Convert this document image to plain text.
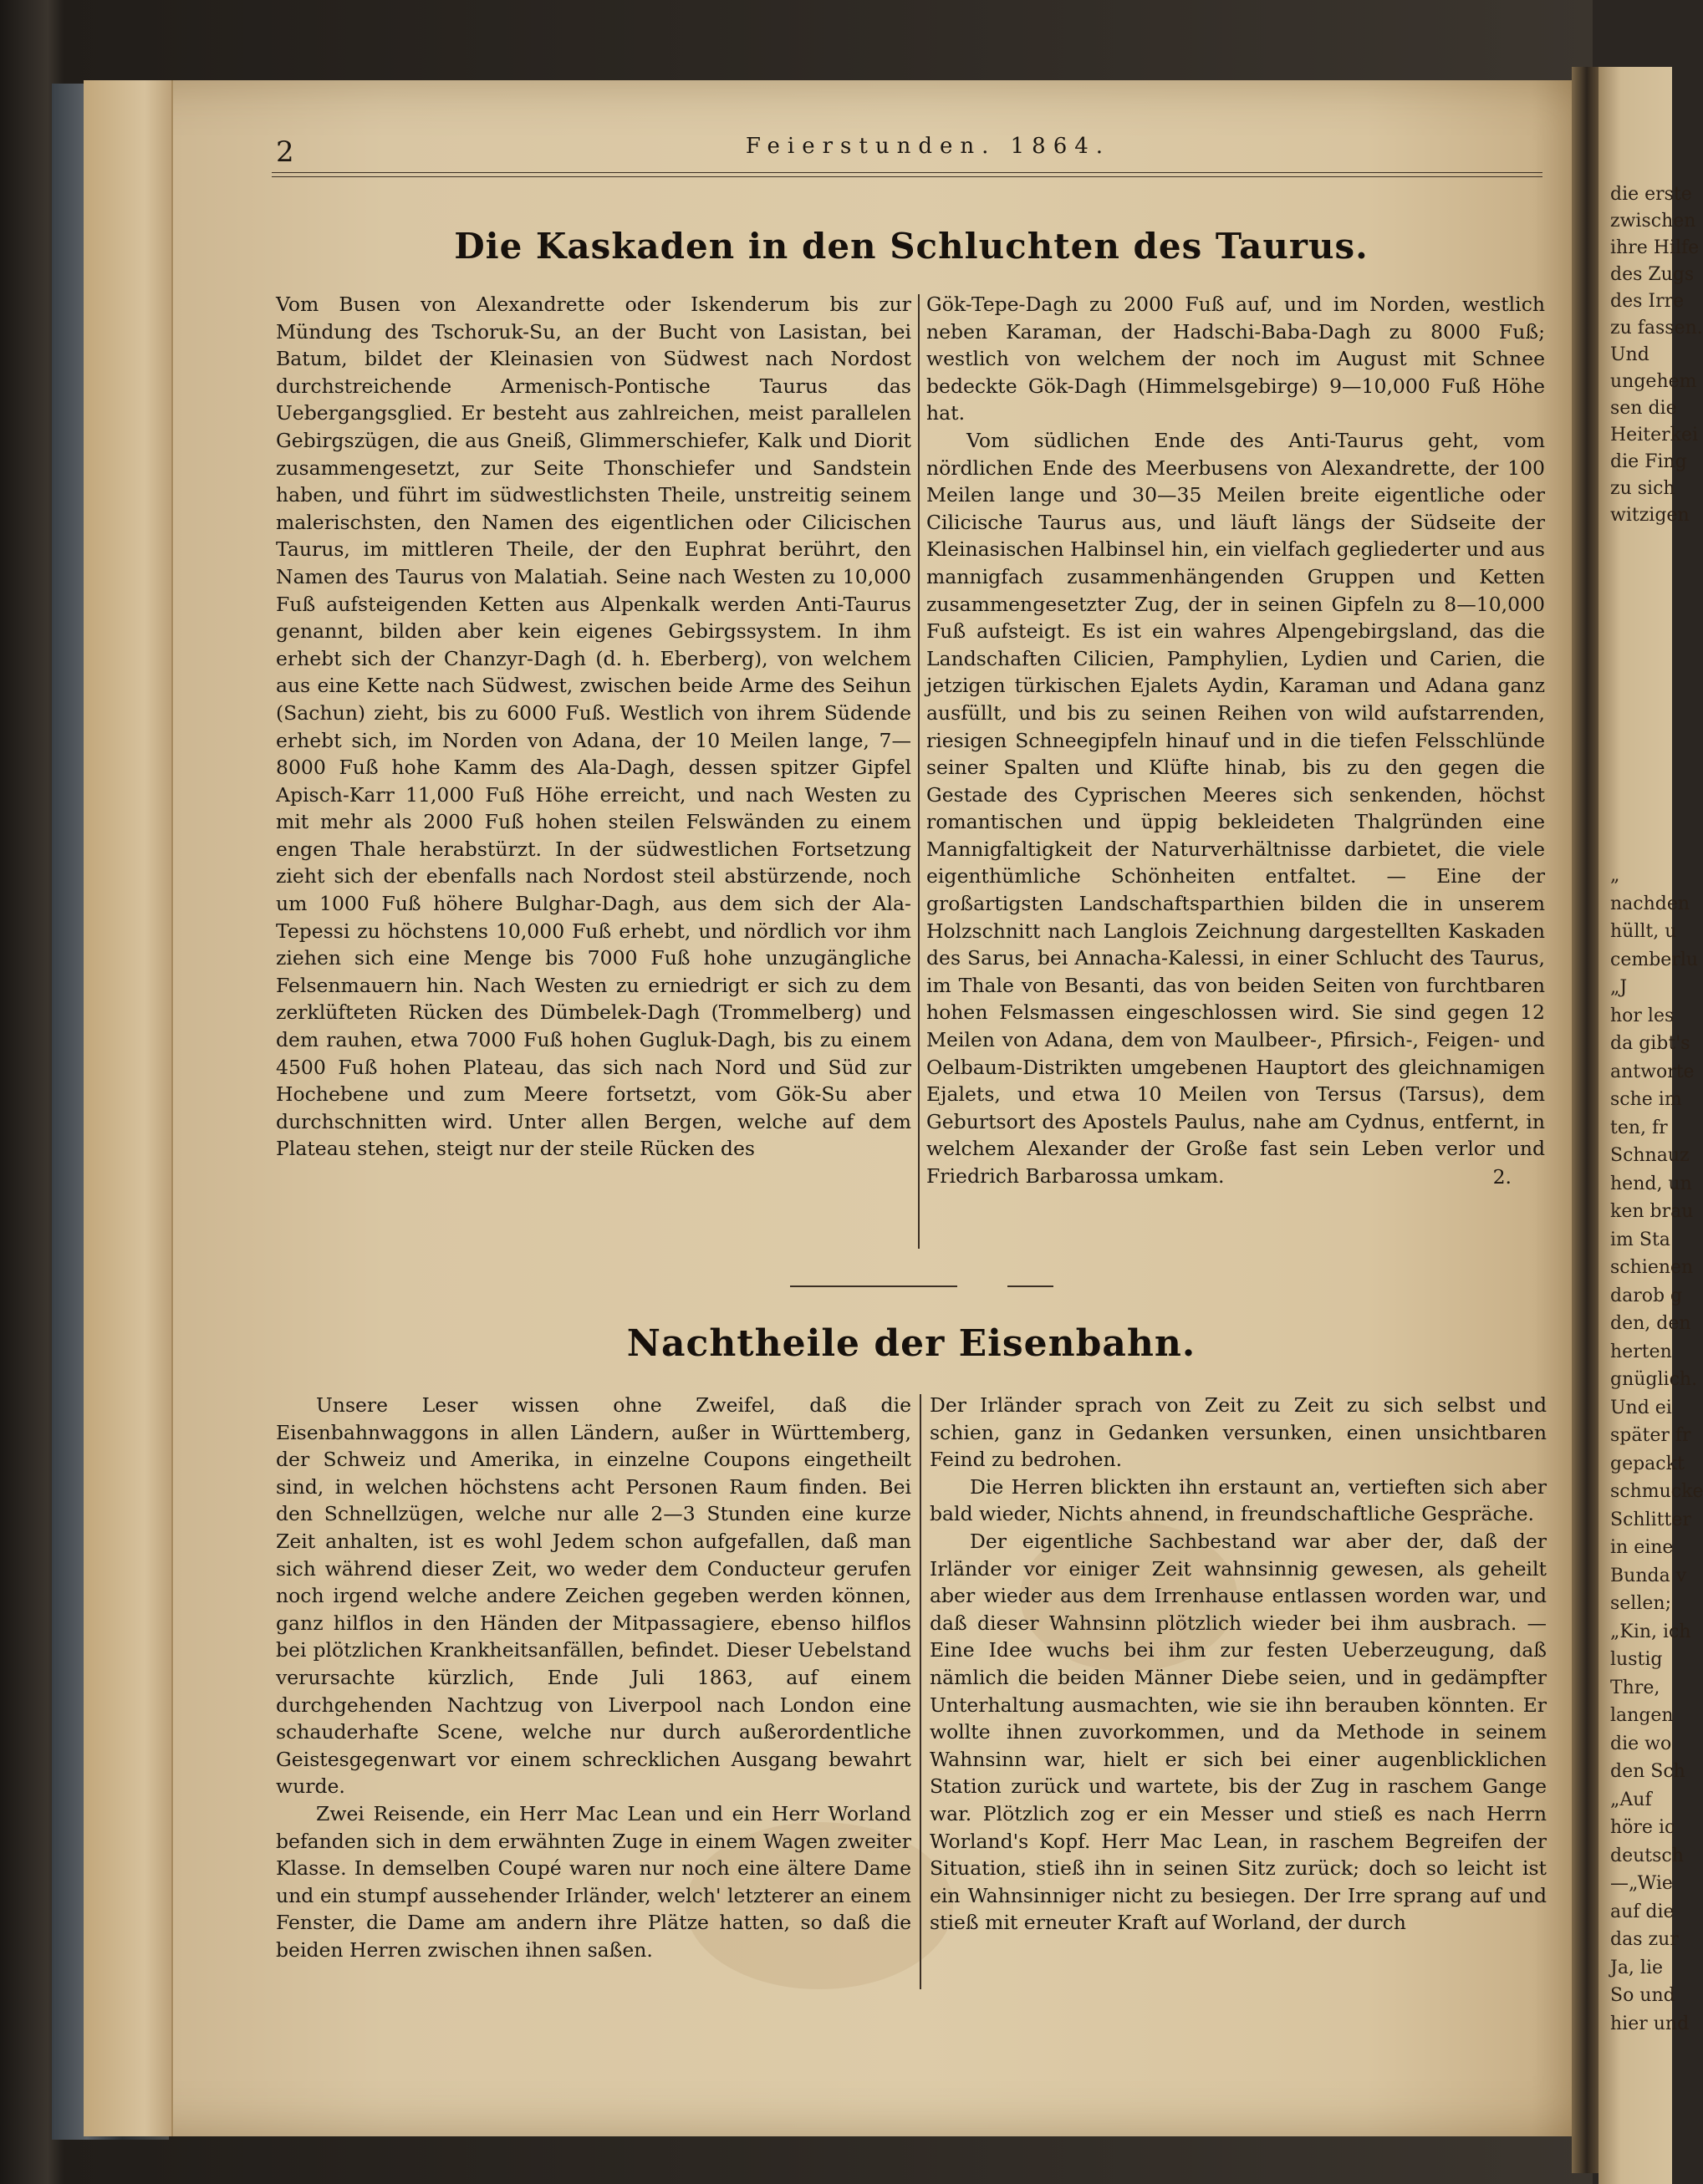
die erste
zwischen
ihre Hilfe
des Zugs
des Irre
zu fassen.
Und
ungehem
sen die
Heiterkei
die Fing
zu sich
witzigen
„
nachden
hüllt, u
cemberlu
„J
hor les
da gibt's
antworte
sche im
ten, fr
Schnauz
hend, un
ken brau
im Sta
schienen
darob g
den, den
herten
gnüglich.
Und ei
später fr
gepackt
schmucke
Schlitter
in eine
Bunda v
sellen;
„Kin, ich
lustig
Thre,
langen
die wo
den Sch
„Auf
höre ic
deutsch
—„Wie
auf die
das zur
Ja, lie
So und
hier und
2	Feierstunden. 1864.
Die Kaskaden in den Schluchten des Taurus.

Vom Busen von Alexandrette oder Iskenderum bis zur Mündung des Tschoruk-Su, an der Bucht von Lasistan, bei Batum, bildet der Kleinasien von Südwest nach Nordost durchstreichende Armenisch-Pontische Taurus das Uebergangsglied. Er besteht aus zahlreichen, meist parallelen Gebirgszügen, die aus Gneiß, Glimmerschiefer, Kalk und Diorit zusammengesetzt, zur Seite Thonschiefer und Sandstein haben, und führt im südwestlichsten Theile, unstreitig seinem malerischsten, den Namen des eigentlichen oder Cilicischen Taurus, im mittleren Theile, der den Euphrat berührt, den Namen des Taurus von Malatiah. Seine nach Westen zu 10,000 Fuß aufsteigenden Ketten aus Alpenkalk werden Anti-Taurus genannt, bilden aber kein eigenes Gebirgssystem. In ihm erhebt sich der Chanzyr-Dagh (d. h. Eberberg), von welchem aus eine Kette nach Südwest, zwischen beide Arme des Seihun (Sachun) zieht, bis zu 6000 Fuß. Westlich von ihrem Südende erhebt sich, im Norden von Adana, der 10 Meilen lange, 7—8000 Fuß hohe Kamm des Ala-Dagh, dessen spitzer Gipfel Apisch-Karr 11,000 Fuß Höhe erreicht, und nach Westen zu mit mehr als 2000 Fuß hohen steilen Felswänden zu einem engen Thale herabstürzt. In der südwestlichen Fortsetzung zieht sich der ebenfalls nach Nordost steil abstürzende, noch um 1000 Fuß höhere Bulghar-Dagh, aus dem sich der Ala-Tepessi zu höchstens 10,000 Fuß erhebt, und nördlich vor ihm ziehen sich eine Menge bis 7000 Fuß hohe unzugängliche Felsenmauern hin. Nach Westen zu erniedrigt er sich zu dem zerklüfteten Rücken des Dümbelek-Dagh (Trommelberg) und dem rauhen, etwa 7000 Fuß hohen Gugluk-Dagh, bis zu einem 4500 Fuß hohen Plateau, das sich nach Nord und Süd zur Hochebene und zum Meere fortsetzt, vom Gök-Su aber durchschnitten wird. Unter allen Bergen, welche auf dem Plateau stehen, steigt nur der steile Rücken des

Gök-Tepe-Dagh zu 2000 Fuß auf, und im Norden, westlich neben Karaman, der Hadschi-Baba-Dagh zu 8000 Fuß; westlich von welchem der noch im August mit Schnee bedeckte Gök-Dagh (Himmelsgebirge) 9—10,000 Fuß Höhe hat.

Vom südlichen Ende des Anti-Taurus geht, vom nördlichen Ende des Meerbusens von Alexandrette, der 100 Meilen lange und 30—35 Meilen breite eigentliche oder Cilicische Taurus aus, und läuft längs der Südseite der Kleinasischen Halbinsel hin, ein vielfach gegliederter und aus mannigfach zusammenhängenden Gruppen und Ketten zusammengesetzter Zug, der in seinen Gipfeln zu 8—10,000 Fuß aufsteigt. Es ist ein wahres Alpengebirgsland, das die Landschaften Cilicien, Pamphylien, Lydien und Carien, die jetzigen türkischen Ejalets Aydin, Karaman und Adana ganz ausfüllt, und bis zu seinen Reihen von wild aufstarrenden, riesigen Schneegipfeln hinauf und in die tiefen Felsschlünde seiner Spalten und Klüfte hinab, bis zu den gegen die Gestade des Cyprischen Meeres sich senkenden, höchst romantischen und üppig bekleideten Thalgründen eine Mannigfaltigkeit der Naturverhältnisse darbietet, die viele eigenthümliche Schönheiten entfaltet. — Eine der großartigsten Landschaftsparthien bilden die in unserem Holzschnitt nach Langlois Zeichnung dargestellten Kaskaden des Sarus, bei Annacha-Kalessi, in einer Schlucht des Taurus, im Thale von Besanti, das von beiden Seiten von furchtbaren hohen Felsmassen eingeschlossen wird. Sie sind gegen 12 Meilen von Adana, dem von Maulbeer-, Pfirsich-, Feigen- und Oelbaum-Distrikten umgebenen Hauptort des gleichnamigen Ejalets, und etwa 10 Meilen von Tersus (Tarsus), dem Geburtsort des Apostels Paulus, nahe am Cydnus, entfernt, in welchem Alexander der Große fast sein Leben verlor und Friedrich Barbarossa umkam.	2.
Nachtheile der Eisenbahn.

Unsere Leser wissen ohne Zweifel, daß die Eisenbahnwaggons in allen Ländern, außer in Württemberg, der Schweiz und Amerika, in einzelne Coupons eingetheilt sind, in welchen höchstens acht Personen Raum finden. Bei den Schnellzügen, welche nur alle 2—3 Stunden eine kurze Zeit anhalten, ist es wohl Jedem schon aufgefallen, daß man sich während dieser Zeit, wo weder dem Conducteur gerufen noch irgend welche andere Zeichen gegeben werden können, ganz hilflos in den Händen der Mitpassagiere, ebenso hilflos bei plötzlichen Krankheitsanfällen, befindet. Dieser Uebelstand verursachte kürzlich, Ende Juli 1863, auf einem durchgehenden Nachtzug von Liverpool nach London eine schauderhafte Scene, welche nur durch außerordentliche Geistesgegenwart vor einem schrecklichen Ausgang bewahrt wurde.

Zwei Reisende, ein Herr Mac Lean und ein Herr Worland befanden sich in dem erwähnten Zuge in einem Wagen zweiter Klasse. In demselben Coupé waren nur noch eine ältere Dame und ein stumpf aussehender Irländer, welch' letzterer an einem Fenster, die Dame am andern ihre Plätze hatten, so daß die beiden Herren zwischen ihnen saßen.

Der Irländer sprach von Zeit zu Zeit zu sich selbst und schien, ganz in Gedanken versunken, einen unsichtbaren Feind zu bedrohen.

Die Herren blickten ihn erstaunt an, vertieften sich aber bald wieder, Nichts ahnend, in freundschaftliche Gespräche.

Der eigentliche Sachbestand war aber der, daß der Irländer vor einiger Zeit wahnsinnig gewesen, als geheilt aber wieder aus dem Irrenhause entlassen worden war, und daß dieser Wahnsinn plötzlich wieder bei ihm ausbrach. — Eine Idee wuchs bei ihm zur festen Ueberzeugung, daß nämlich die beiden Männer Diebe seien, und in gedämpfter Unterhaltung ausmachten, wie sie ihn berauben könnten. Er wollte ihnen zuvorkommen, und da Methode in seinem Wahnsinn war, hielt er sich bei einer augenblicklichen Station zurück und wartete, bis der Zug in raschem Gange war. Plötzlich zog er ein Messer und stieß es nach Herrn Worland's Kopf. Herr Mac Lean, in raschem Begreifen der Situation, stieß ihn in seinen Sitz zurück; doch so leicht ist ein Wahnsinniger nicht zu besiegen. Der Irre sprang auf und stieß mit erneuter Kraft auf Worland, der durch
